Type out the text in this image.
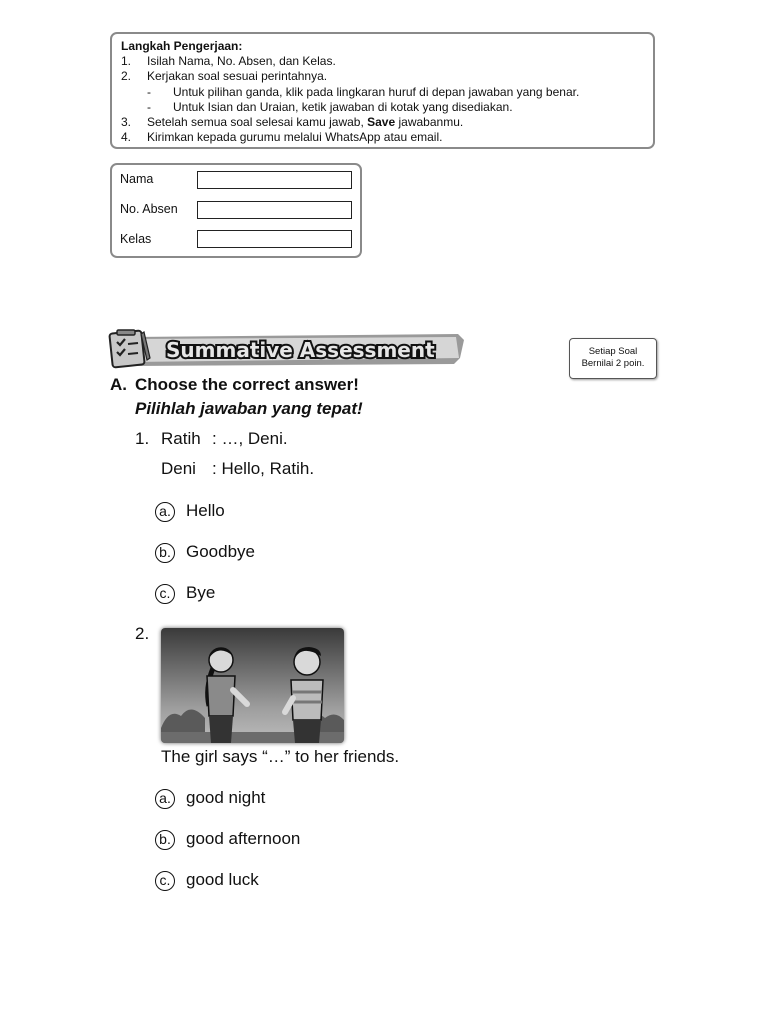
Langkah Pengerjaan:
1.	Isilah Nama, No. Absen, dan Kelas.
2.	Kerjakan soal sesuai perintahnya.
-	Untuk pilihan ganda, klik pada lingkaran huruf di depan jawaban yang benar.
-	Untuk Isian dan Uraian, ketik jawaban di kotak yang disediakan.
3.	Setelah semua soal selesai kamu jawab, Save jawabanmu.
4.	Kirimkan kepada gurumu melalui WhatsApp atau email.
Nama
No. Absen
Kelas
Summative Assessment	Setiap Soal
Bernilai 2 poin.
A. Choose the correct answer!
Pilihlah jawaban yang tepat!
1. Ratih : …, Deni.
Deni : Hello, Ratih.
a. Hello
b. Goodbye
c. Bye
2.
The girl says “…” to her friends.
a. good night
b. good afternoon
c. good luck
